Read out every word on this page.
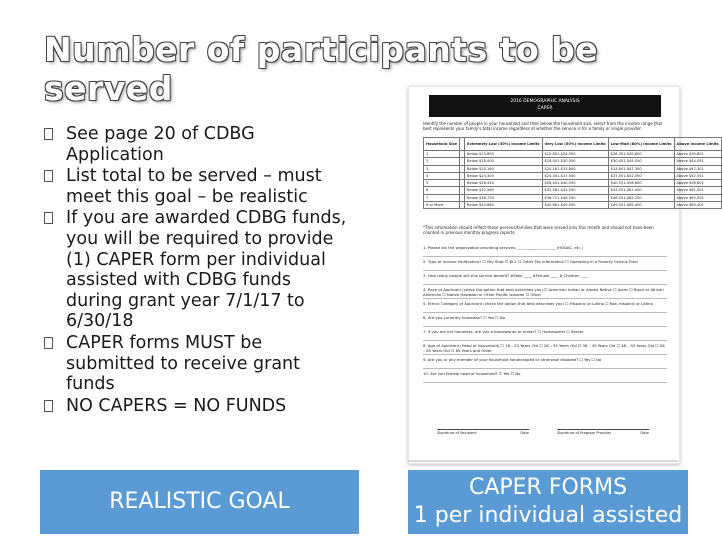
Number of participants to be served
See page 20 of CDBG Application
List total to be served – must meet this goal – be realistic
If you are awarded CDBG funds, you will be required to provide (1) CAPER form per individual assisted with CDBG funds during grant year 7/1/17 to 6/30/18
CAPER forms MUST be submitted to receive grant funds
NO CAPERS = NO FUNDS
2016 DEMOGRAPHIC ANALYSIS
CAPER
Identify the number of people in your household and then below the household size, select from the income range that best represents your family's total income regardless of whether the service is for a family or single provider.
Household Size		Extremely Low (30%) Income Limits	Very Low (50%) Income Limits	Low-Mod (80%) Income Limits	Above Income Limits
1		Below $15,800	$15,801-$26,300	$26,301-$39,800	Above $39,801
2		Below $18,000	$18,001-$30,050	$30,051-$44,050	Above $44,051
3		Below $20,160	$20,161-$33,800	$33,801-$47,300	Above $47,301
4		Below $24,300	$24,301-$37,550	$37,551-$52,550	Above $52,551
5		Below $28,440	$28,441-$40,550	$40,551-$56,800	Above $56,801
6		Below $32,580	$32,581-$43,550	$43,551-$61,000	Above $61,001
7		Below $36,720	$36,721-$46,550	$46,551-$65,200	Above $65,201
8 or More		Below $40,860	$40,861-$49,550	$49,551-$69,400	Above $69,401
*This information should reflect those persons/families that were served only this month and should not have been counted in previous monthly progress reports.
1. Please list the organization providing services: ____________________ (HODAC, etc.)
2. Type of Income Verification? ☐ Pay Stub ☐ W-2 ☐ Other Tax Information ☐ Operating in a Poverty Census Tract
3. How many people will this service benefit? #Male ____ #Female ____ # Children ____
4. Race of Applicant (check the option that best describes you) ☐ American Indian or Alaska Native ☐ Asian ☐ Black or African American ☐ Native Hawaiian or Other Pacific Islander ☐ Other
5. Ethnic Category of Applicant (check the option that best describes you) ☐ Hispanic or Latino ☐ Non-Hispanic or Latino
6. Are you currently homeless? ☐ Yes ☐ No
7. If you are not homeless, are you a homeowner or renter? ☐ Homeowner ☐ Renter
8. Age of Applicant (Head of Household) ☐ 18 – 25 Years Old ☐ 26 – 35 Years Old ☐ 36 – 45 Years Old ☐ 46 – 55 Years Old ☐ 56 – 65 Years Old ☐ 65 Years and Older
9. Are you or any member of your household handicapped or otherwise disabled? ☐ Yes ☐ No
10. Are you female head of household? ☐ Yes ☐ No
Signature of Recipient	Date	Signature of Program Provider	Date
REALISTIC GOAL
CAPER FORMS
1 per individual assisted
